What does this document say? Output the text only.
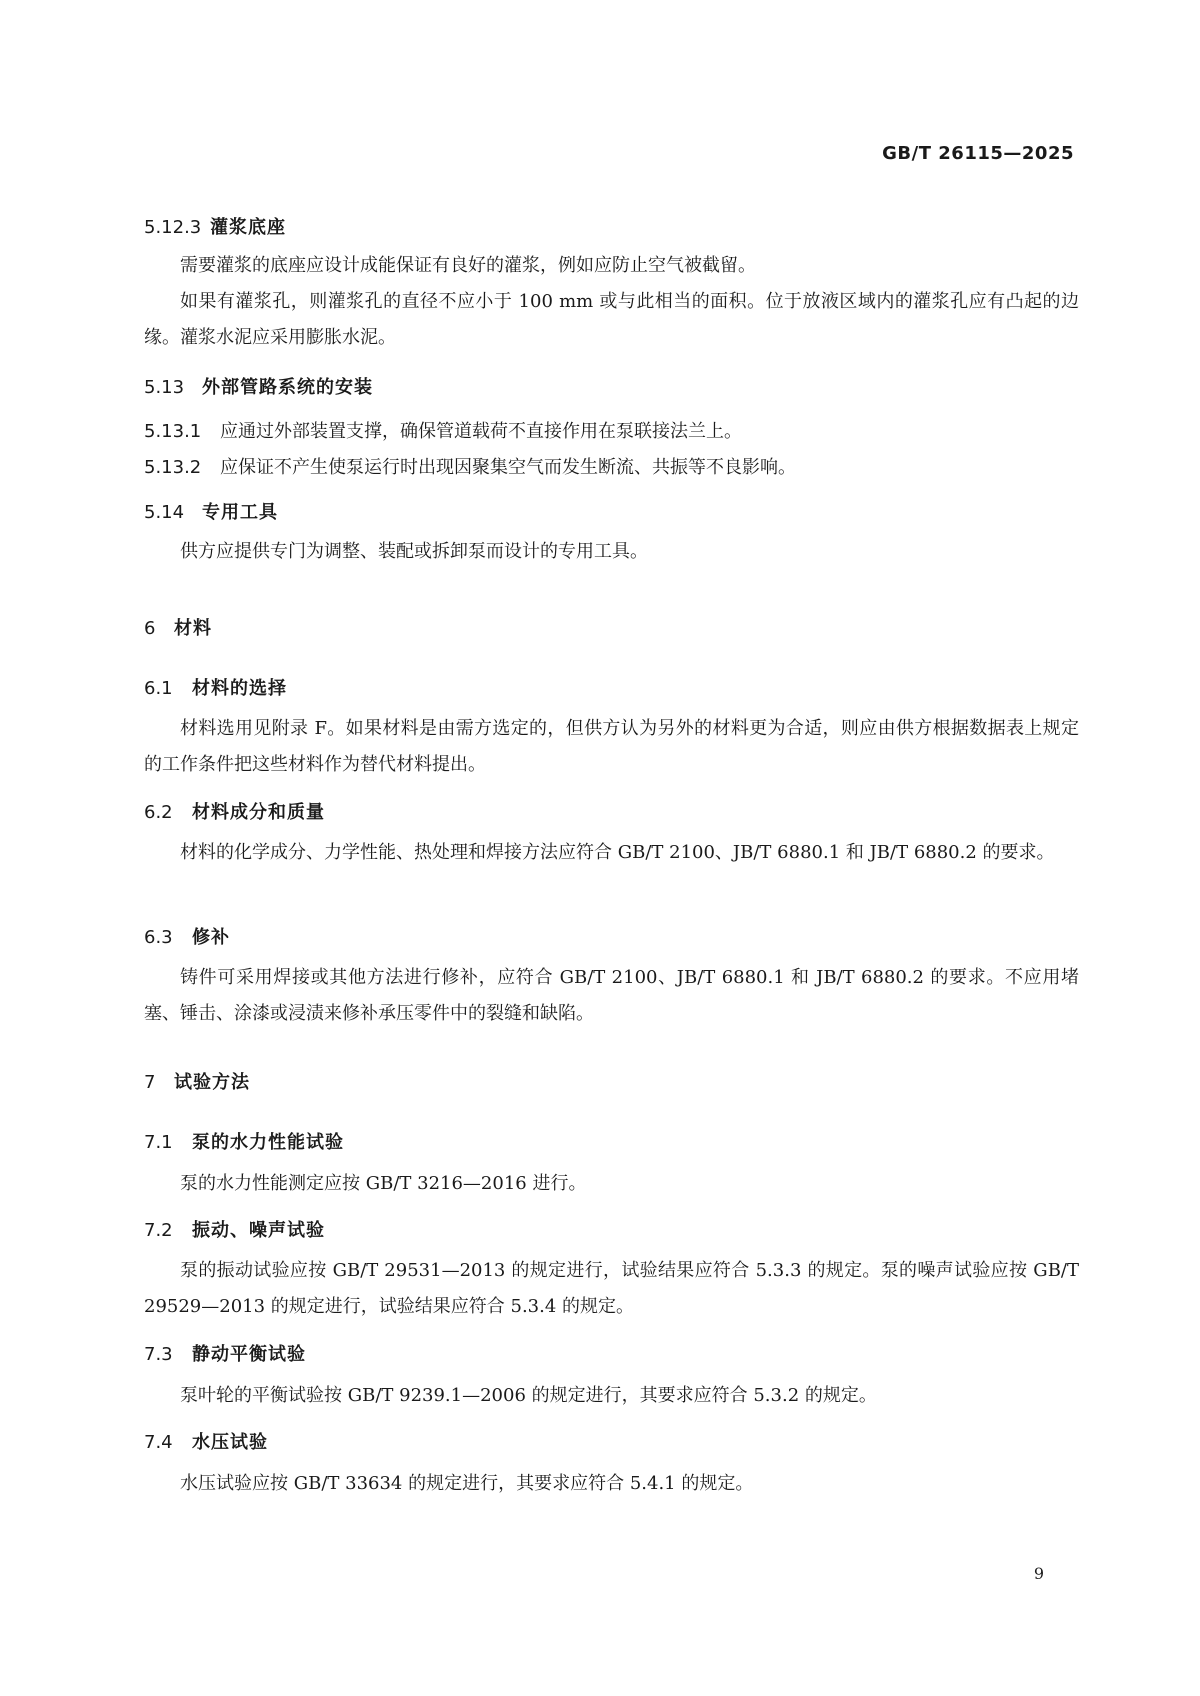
GB/T 26115—2025
5.12.3 灌浆底座
需要灌浆的底座应设计成能保证有良好的灌浆，例如应防止空气被截留。
如果有灌浆孔，则灌浆孔的直径不应小于 100 mm 或与此相当的面积。位于放液区域内的灌浆孔应有凸起的边缘。灌浆水泥应采用膨胀水泥。
5.13 外部管路系统的安装
5.13.1 应通过外部装置支撑，确保管道载荷不直接作用在泵联接法兰上。
5.13.2 应保证不产生使泵运行时出现因聚集空气而发生断流、共振等不良影响。
5.14 专用工具
供方应提供专门为调整、装配或拆卸泵而设计的专用工具。
6 材料
6.1 材料的选择
材料选用见附录 F。如果材料是由需方选定的，但供方认为另外的材料更为合适，则应由供方根据数据表上规定的工作条件把这些材料作为替代材料提出。
6.2 材料成分和质量
材料的化学成分、力学性能、热处理和焊接方法应符合 GB/T 2100、JB/T 6880.1 和 JB/T 6880.2 的要求。
6.3 修补
铸件可采用焊接或其他方法进行修补，应符合 GB/T 2100、JB/T 6880.1 和 JB/T 6880.2 的要求。不应用堵塞、锤击、涂漆或浸渍来修补承压零件中的裂缝和缺陷。
7 试验方法
7.1 泵的水力性能试验
泵的水力性能测定应按 GB/T 3216—2016 进行。
7.2 振动、噪声试验
泵的振动试验应按 GB/T 29531—2013 的规定进行，试验结果应符合 5.3.3 的规定。泵的噪声试验应按 GB/T 29529—2013 的规定进行，试验结果应符合 5.3.4 的规定。
7.3 静动平衡试验
泵叶轮的平衡试验按 GB/T 9239.1—2006 的规定进行，其要求应符合 5.3.2 的规定。
7.4 水压试验
水压试验应按 GB/T 33634 的规定进行，其要求应符合 5.4.1 的规定。
9
